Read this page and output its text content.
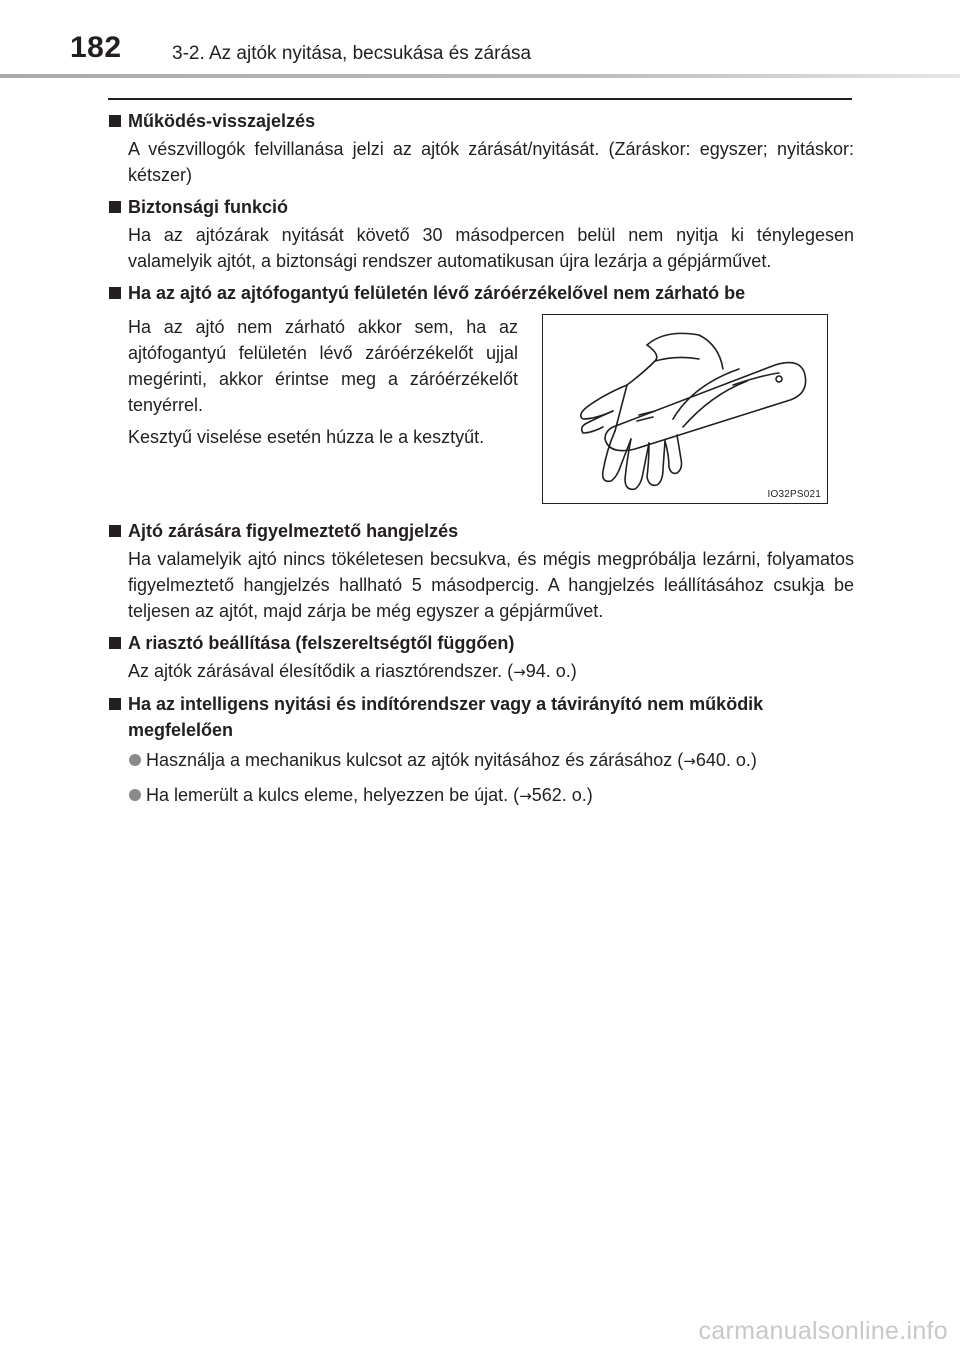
182	3-2. Az ajtók nyitása, becsukása és zárása
Működés-visszajelzés
A vészvillogók felvillanása jelzi az ajtók zárását/nyitását. (Záráskor: egyszer; nyitáskor: kétszer)
Biztonsági funkció
Ha az ajtózárak nyitását követő 30 másodpercen belül nem nyitja ki ténylegesen valamelyik ajtót, a biztonsági rendszer automatikusan újra lezárja a gépjárművet.
Ha az ajtó az ajtófogantyú felületén lévő záróérzékelővel nem zárható be

Ha az ajtó nem zárható akkor sem, ha az ajtófogantyú felületén lévő záróérzékelőt ujjal megérinti, akkor érintse meg a záróérzékelőt tenyérrel.

Kesztyű viselése esetén húzza le a kesztyűt.

IO32PS021
Ajtó zárására figyelmeztető hangjelzés
Ha valamelyik ajtó nincs tökéletesen becsukva, és mégis megpróbálja lezárni, folyamatos figyelmeztető hangjelzés hallható 5 másodpercig. A hangjelzés leállításához csukja be teljesen az ajtót, majd zárja be még egyszer a gépjárművet.
A riasztó beállítása (felszereltségtől függően)
Az ajtók zárásával élesítődik a riasztórendszer. (→94. o.)
Ha az intelligens nyitási és indítórendszer vagy a távirányító nem működik megfelelően
Használja a mechanikus kulcsot az ajtók nyitásához és zárásához (→640. o.)
Ha lemerült a kulcs eleme, helyezzen be újat. (→562. o.)
carmanualsonline.info
